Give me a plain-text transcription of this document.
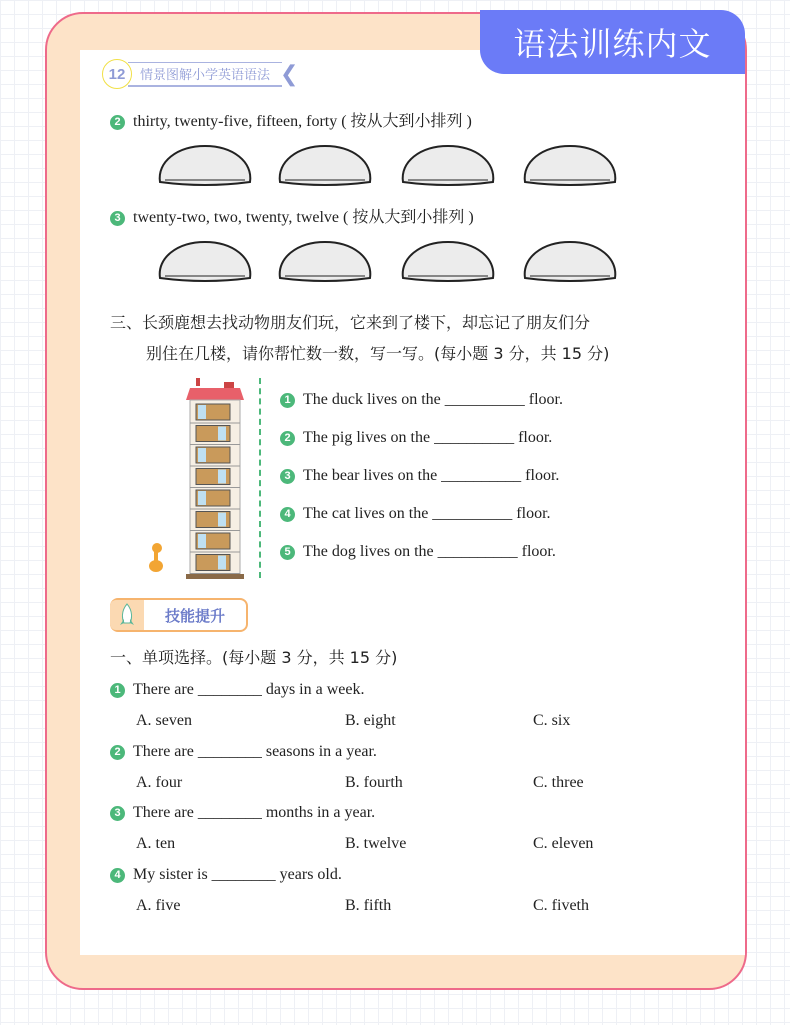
语法训练内文
12	情景图解小学英语语法 ❮
2 thirty, twenty-five, fifteen, forty ( 按从大到小排列 )
3 twenty-two, two, twenty, twelve ( 按从大到小排列 )
三、长颈鹿想去找动物朋友们玩，它来到了楼下，却忘记了朋友们分
别住在几楼，请你帮忙数一数，写一写。(每小题 3 分，共 15 分)
1 The duck lives on the __________ floor.
2 The pig lives on the __________ floor.
3 The bear lives on the __________ floor.
4 The cat lives on the __________ floor.
5 The dog lives on the __________ floor.
技能提升
一、单项选择。(每小题 3 分，共 15 分)
1 There are ________ days in a week.
A. seven	B. eight	C. six
2 There are ________ seasons in a year.
A. four	B. fourth	C. three
3 There are ________ months in a year.
A. ten	B. twelve	C. eleven
4 My sister is ________ years old.
A. five	B. fifth	C. fiveth
